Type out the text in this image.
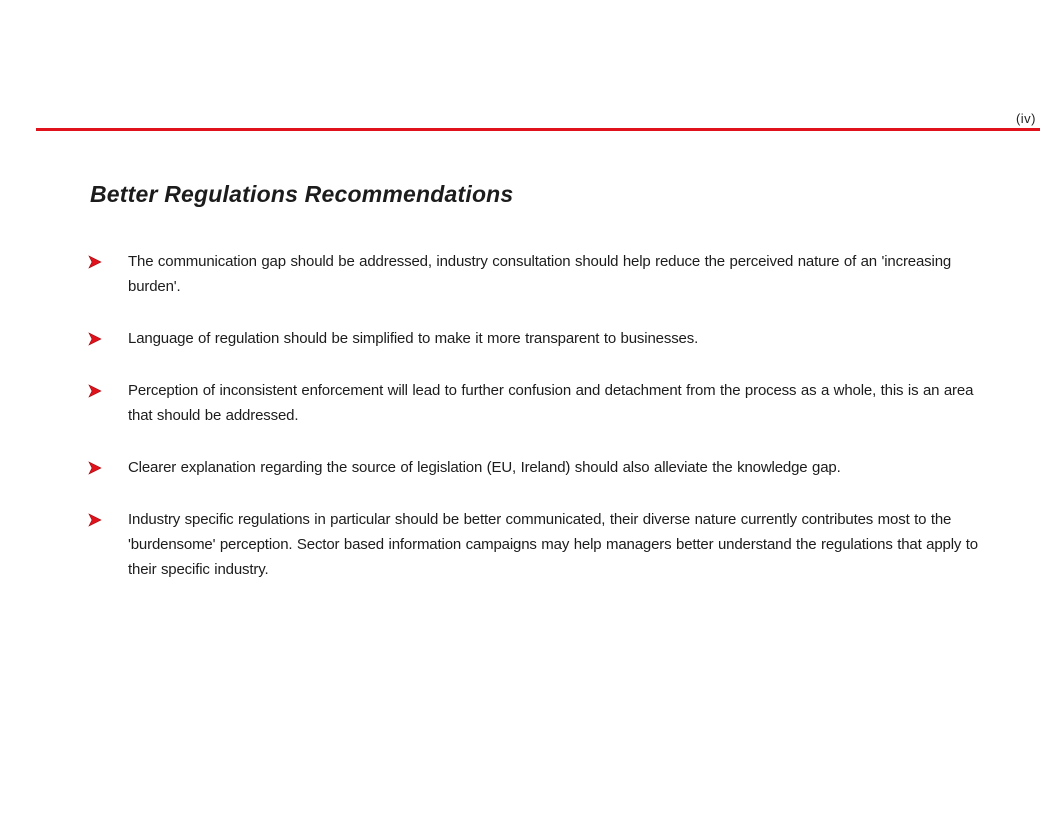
(iv)
Better Regulations Recommendations
The communication gap should be addressed, industry consultation should help reduce the perceived nature of an 'increasing burden'.
Language of regulation should be simplified to make it more transparent to businesses.
Perception of inconsistent enforcement will lead to further confusion and detachment from the process as a whole, this is an area that should be addressed.
Clearer explanation regarding the source of legislation (EU, Ireland) should also alleviate the knowledge gap.
Industry specific regulations in particular should be better communicated, their diverse nature currently contributes most to the 'burdensome' perception. Sector based information campaigns may help managers better understand the regulations that apply to their specific industry.
